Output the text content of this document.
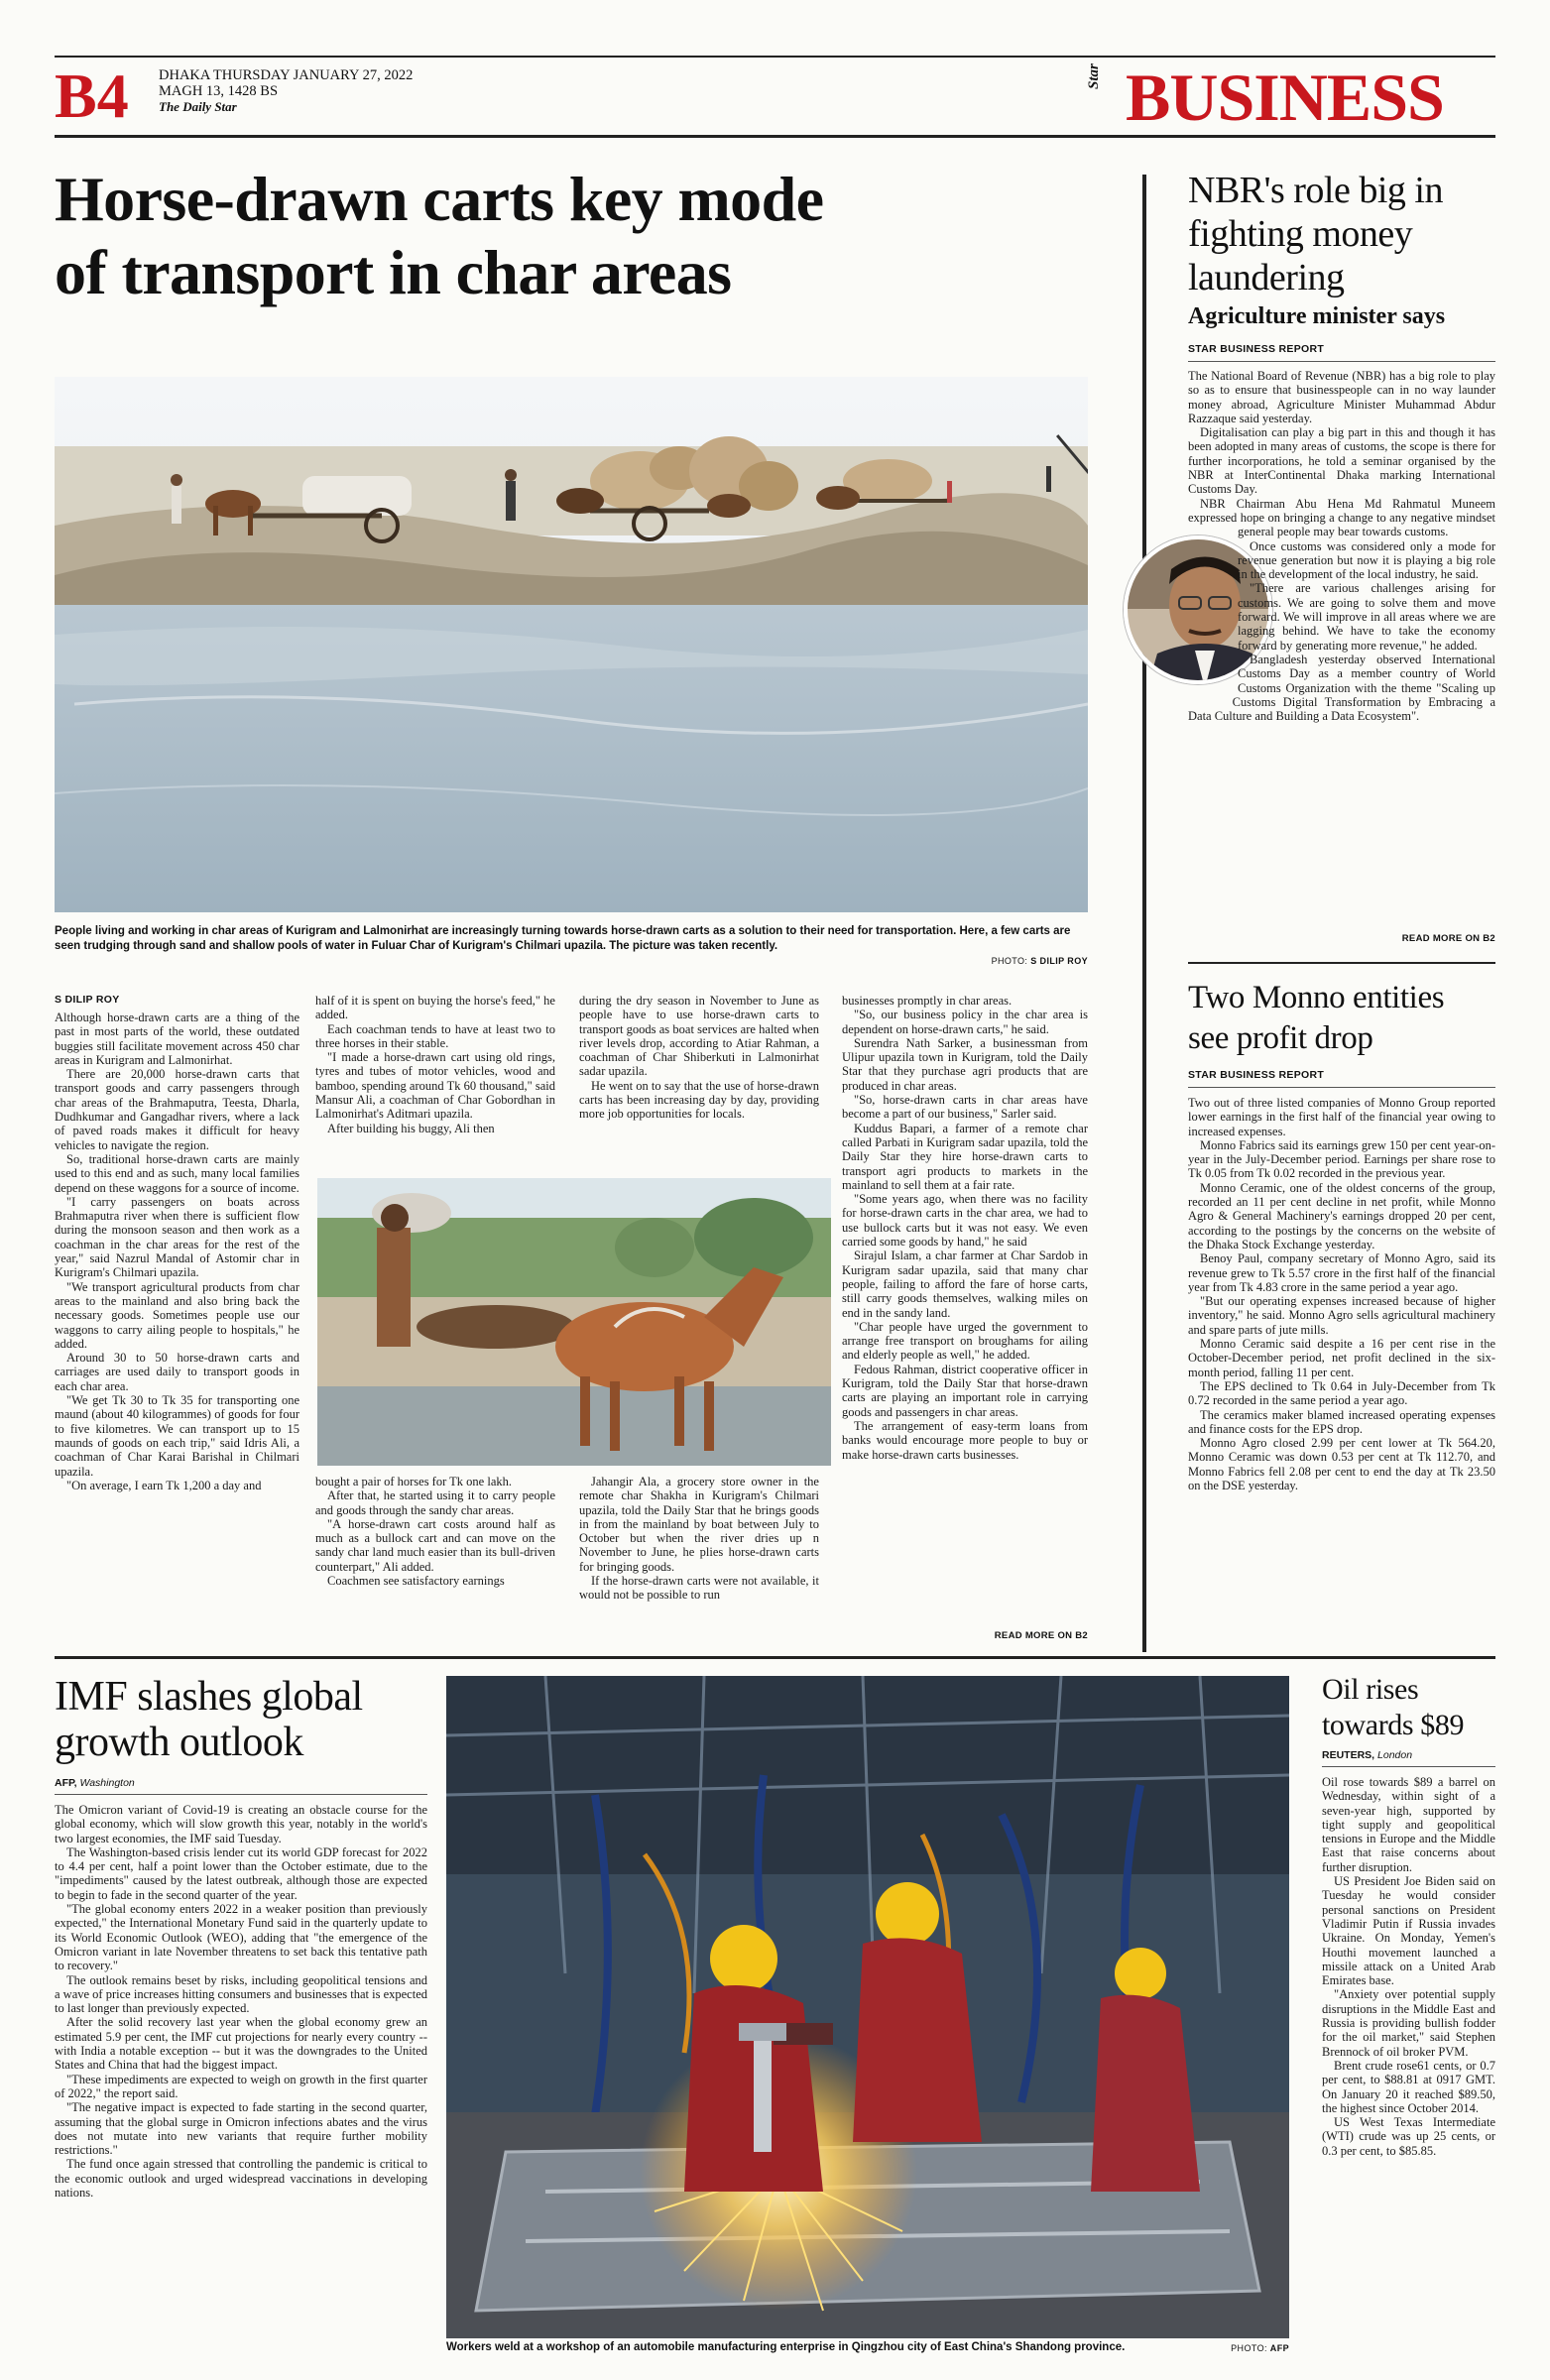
B4 DHAKA THURSDAY JANUARY 27, 2022
MAGH 13, 1428 BS
The Daily Star
Star BUSINESS
Horse-drawn carts key mode
of transport in char areas
People living and working in char areas of Kurigram and Lalmonirhat are increasingly turning towards horse-drawn carts as a solution to their need for transportation. Here, a few carts are seen trudging through sand and shallow pools of water in Fuluar Char of Kurigram's Chilmari upazila. The picture was taken recently.
PHOTO: S DILIP ROY
S DILIP ROY

Although horse-drawn carts are a thing of the past in most parts of the world, these outdated buggies still facilitate movement across 450 char areas in Kurigram and Lalmonirhat.

There are 20,000 horse-drawn carts that transport goods and carry passengers through char areas of the Brahmaputra, Teesta, Dharla, Dudhkumar and Gangadhar rivers, where a lack of paved roads makes it difficult for heavy vehicles to navigate the region.

So, traditional horse-drawn carts are mainly used to this end and as such, many local families depend on these waggons for a source of income.

"I carry passengers on boats across Brahmaputra river when there is sufficient flow during the monsoon season and then work as a coachman in the char areas for the rest of the year," said Nazrul Mandal of Astomir char in Kurigram's Chilmari upazila.

"We transport agricultural products from char areas to the mainland and also bring back the necessary goods. Sometimes people use our waggons to carry ailing people to hospitals," he added.

Around 30 to 50 horse-drawn carts and carriages are used daily to transport goods in each char area.

"We get Tk 30 to Tk 35 for transporting one maund (about 40 kilogrammes) of goods for four to five kilometres. We can transport up to 15 maunds of goods on each trip," said Idris Ali, a coachman of Char Karai Barishal in Chilmari upazila.

"On average, I earn Tk 1,200 a day and

half of it is spent on buying the horse's feed," he added.

Each coachman tends to have at least two to three horses in their stable.

"I made a horse-drawn cart using old rings, tyres and tubes of motor vehicles, wood and bamboo, spending around Tk 60 thousand," said Mansur Ali, a coachman of Char Gobordhan in Lalmonirhat's Aditmari upazila.

After building his buggy, Ali then

during the dry season in November to June as people have to use horse-drawn carts to transport goods as boat services are halted when river levels drop, according to Atiar Rahman, a coachman of Char Shiberkuti in Lalmonirhat sadar upazila.

He went on to say that the use of horse-drawn carts has been increasing day by day, providing more job opportunities for locals.

bought a pair of horses for Tk one lakh.

After that, he started using it to carry people and goods through the sandy char areas.

"A horse-drawn cart costs around half as much as a bullock cart and can move on the sandy char land much easier than its bull-driven counterpart," Ali added.

Coachmen see satisfactory earnings

Jahangir Ala, a grocery store owner in the remote char Shakha in Kurigram's Chilmari upazila, told the Daily Star that he brings goods in from the mainland by boat between July to October but when the river dries up n November to June, he plies horse-drawn carts for bringing goods.

If the horse-drawn carts were not available, it would not be possible to run

businesses promptly in char areas.

"So, our business policy in the char area is dependent on horse-drawn carts," he said.

Surendra Nath Sarker, a businessman from Ulipur upazila town in Kurigram, told the Daily Star that they purchase agri products that are produced in char areas.

"So, horse-drawn carts in char areas have become a part of our business," Sarler said.

Kuddus Bapari, a farmer of a remote char called Parbati in Kurigram sadar upazila, told the Daily Star they hire horse-drawn carts to transport agri products to markets in the mainland to sell them at a fair rate.

"Some years ago, when there was no facility for horse-drawn carts in the char area, we had to use bullock carts but it was not easy. We even carried some goods by hand," he said

Sirajul Islam, a char farmer at Char Sardob in Kurigram sadar upazila, said that many char people, failing to afford the fare of horse carts, still carry goods themselves, walking miles on end in the sandy land.

"Char people have urged the government to arrange free transport on broughams for ailing and elderly people as well," he added.

Fedous Rahman, district cooperative officer in Kurigram, told the Daily Star that horse-drawn carts are playing an important role in carrying goods and passengers in char areas.

The arrangement of easy-term loans from banks would encourage more people to buy or make horse-drawn carts businesses.

READ MORE ON B2
NBR's role big in
fighting money
laundering
Agriculture minister says
STAR BUSINESS REPORT

The National Board of Revenue (NBR) has a big role to play so as to ensure that businesspeople can in no way launder money abroad, Agriculture Minister Muhammad Abdur Razzaque said yesterday.

Digitalisation can play a big part in this and though it has been adopted in many areas of customs, the scope is there for further incorporations, he told a seminar organised by the NBR at InterContinental Dhaka marking International Customs Day.

NBR Chairman Abu Hena Md Rahmatul Muneem expressed hope on bringing a change to any negative mindset general people may bear towards customs.

Once customs was considered only a mode for revenue generation but now it is playing a big role in the development of the local industry, he said.

"There are various challenges arising for customs. We are going to solve them and move forward. We will improve in all areas where we are lagging behind. We have to take the economy forward by generating more revenue," he added.

Bangladesh yesterday observed International Customs Day as a member country of World Customs Organization with the theme "Scaling up Customs Digital Transformation by Embracing a Data Culture and Building a Data Ecosystem".

READ MORE ON B2
Two Monno entities
see profit drop
STAR BUSINESS REPORT

Two out of three listed companies of Monno Group reported lower earnings in the first half of the financial year owing to increased expenses.

Monno Fabrics said its earnings grew 150 per cent year-on-year in the July-December period. Earnings per share rose to Tk 0.05 from Tk 0.02 recorded in the previous year.

Monno Ceramic, one of the oldest concerns of the group, recorded an 11 per cent decline in net profit, while Monno Agro & General Machinery's earnings dropped 20 per cent, according to the postings by the concerns on the website of the Dhaka Stock Exchange yesterday.

Benoy Paul, company secretary of Monno Agro, said its revenue grew to Tk 5.57 crore in the first half of the financial year from Tk 4.83 crore in the same period a year ago.

"But our operating expenses increased because of higher inventory," he said. Monno Agro sells agricultural machinery and spare parts of jute mills.

Monno Ceramic said despite a 16 per cent rise in the October-December period, net profit declined in the six-month period, falling 11 per cent.

The EPS declined to Tk 0.64 in July-December from Tk 0.72 recorded in the same period a year ago.

The ceramics maker blamed increased operating expenses and finance costs for the EPS drop.

Monno Agro closed 2.99 per cent lower at Tk 564.20, Monno Ceramic was down 0.53 per cent at Tk 112.70, and Monno Fabrics fell 2.08 per cent to end the day at Tk 23.50 on the DSE yesterday.

IMF slashes global
growth outlook
AFP, Washington

The Omicron variant of Covid-19 is creating an obstacle course for the global economy, which will slow growth this year, notably in the world's two largest economies, the IMF said Tuesday.

The Washington-based crisis lender cut its world GDP forecast for 2022 to 4.4 per cent, half a point lower than the October estimate, due to the "impediments" caused by the latest outbreak, although those are expected to begin to fade in the second quarter of the year.

"The global economy enters 2022 in a weaker position than previously expected," the International Monetary Fund said in the quarterly update to its World Economic Outlook (WEO), adding that "the emergence of the Omicron variant in late November threatens to set back this tentative path to recovery."

The outlook remains beset by risks, including geopolitical tensions and a wave of price increases hitting consumers and businesses that is expected to last longer than previously expected.

After the solid recovery last year when the global economy grew an estimated 5.9 per cent, the IMF cut projections for nearly every country -- with India a notable exception -- but it was the downgrades to the United States and China that had the biggest impact.

"These impediments are expected to weigh on growth in the first quarter of 2022," the report said.

"The negative impact is expected to fade starting in the second quarter, assuming that the global surge in Omicron infections abates and the virus does not mutate into new variants that require further mobility restrictions."

The fund once again stressed that controlling the pandemic is critical to the economic outlook and urged widespread vaccinations in developing nations.

Workers weld at a workshop of an automobile manufacturing enterprise in Qingzhou city of East China's Shandong province.	PHOTO: AFP
Oil rises
towards $89
REUTERS, London

Oil rose towards $89 a barrel on Wednesday, within sight of a seven-year high, supported by tight supply and geopolitical tensions in Europe and the Middle East that raise concerns about further disruption.

US President Joe Biden said on Tuesday he would consider personal sanctions on President Vladimir Putin if Russia invades Ukraine. On Monday, Yemen's Houthi movement launched a missile attack on a United Arab Emirates base.

"Anxiety over potential supply disruptions in the Middle East and Russia is providing bullish fodder for the oil market," said Stephen Brennock of oil broker PVM.

Brent crude rose61 cents, or 0.7 per cent, to $88.81 at 0917 GMT. On January 20 it reached $89.50, the highest since October 2014.

US West Texas Intermediate (WTI) crude was up 25 cents, or 0.3 per cent, to $85.85.
